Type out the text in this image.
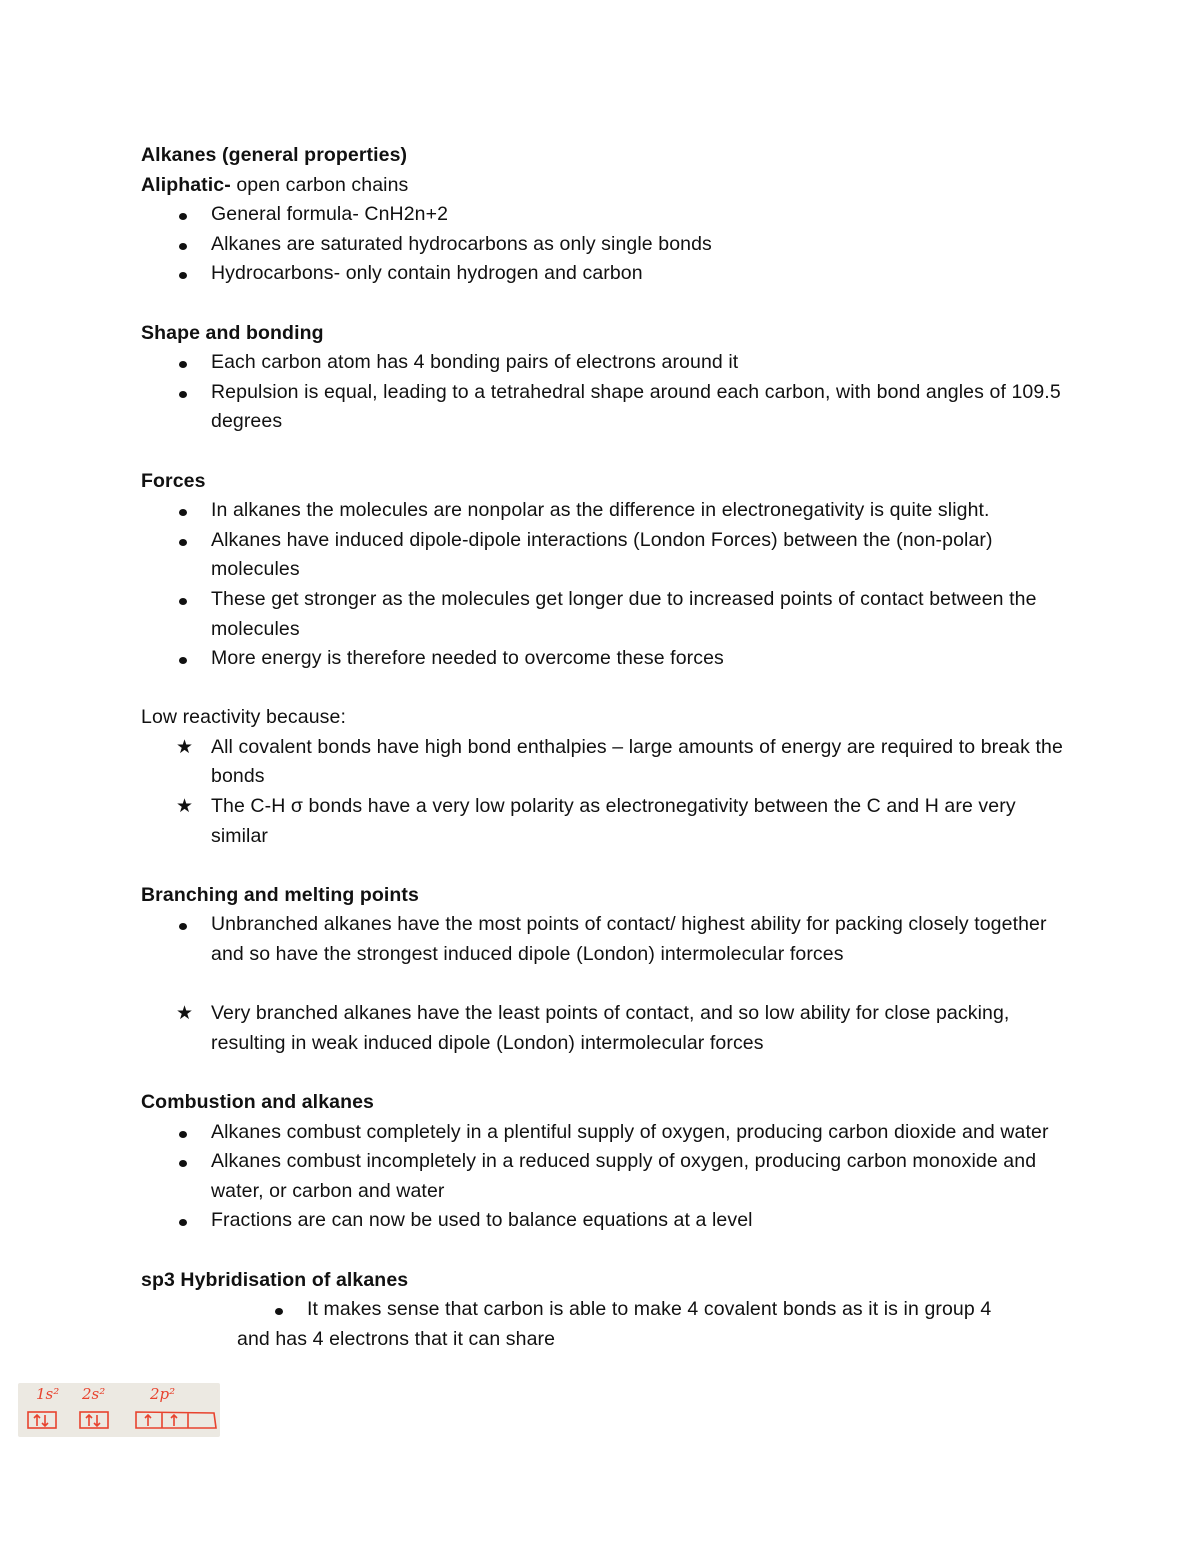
Alkanes (general properties)
Aliphatic- open carbon chains
General formula- CnH2n+2
Alkanes are saturated hydrocarbons as only single bonds
Hydrocarbons- only contain hydrogen and carbon
Shape and bonding
Each carbon atom has 4 bonding pairs of electrons around it
Repulsion is equal, leading to a tetrahedral shape around each carbon, with bond angles of 109.5 degrees
Forces
In alkanes the molecules are nonpolar as the difference in electronegativity is quite slight.
Alkanes have induced dipole-dipole interactions (London Forces) between the (non-polar) molecules
These get stronger as the molecules get longer due to increased points of contact between the molecules
More energy is therefore needed to overcome these forces
Low reactivity because:
★ All covalent bonds have high bond enthalpies – large amounts of energy are required to break the bonds
★ The C-H σ bonds have a very low polarity as electronegativity between the C and H are very similar
Branching and melting points
Unbranched alkanes have the most points of contact/ highest ability for packing closely together and so have the strongest induced dipole (London) intermolecular forces
★ Very branched alkanes have the least points of contact, and so low ability for close packing, resulting in weak induced dipole (London) intermolecular forces
Combustion and alkanes
Alkanes combust completely in a plentiful supply of oxygen, producing carbon dioxide and water
Alkanes combust incompletely in a reduced supply of oxygen, producing carbon monoxide and water, or carbon and water
Fractions are can now be used to balance equations at a level
sp3 Hybridisation of alkanes
It makes sense that carbon is able to make 4 covalent bonds as it is in group 4
and has 4 electrons that it can share
1s² 2s²	2p²
